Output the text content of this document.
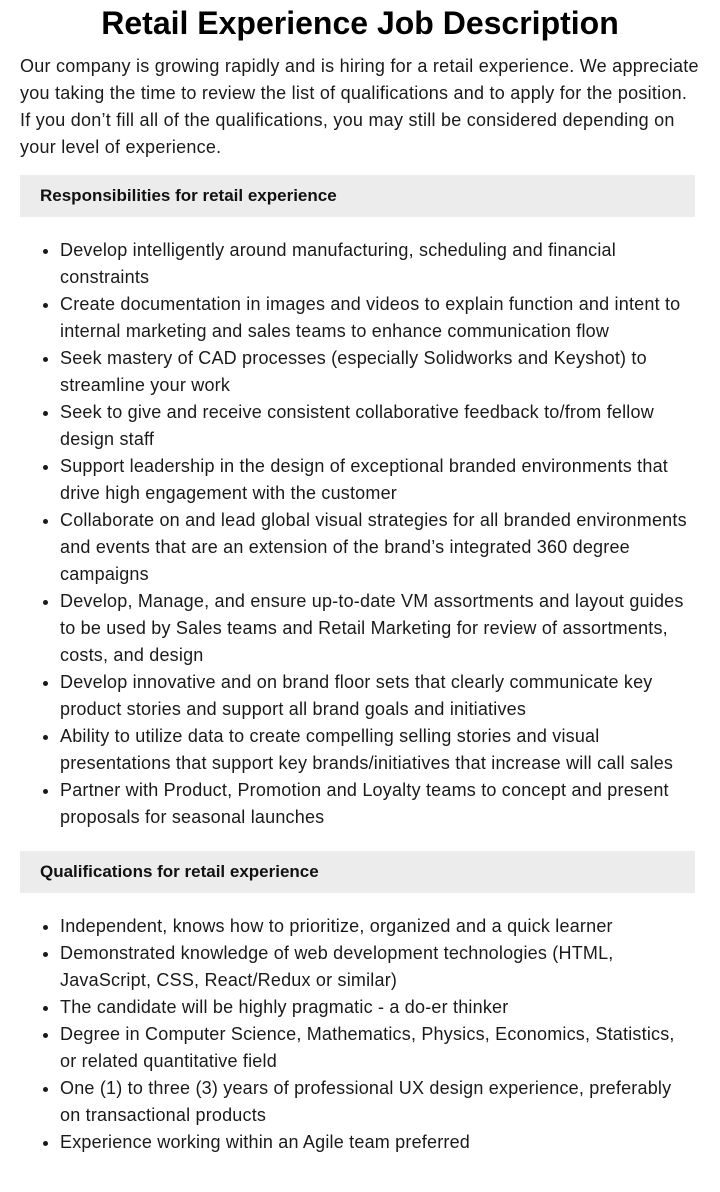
Retail Experience Job Description

Our company is growing rapidly and is hiring for a retail experience. We appreciate you taking the time to review the list of qualifications and to apply for the position. If you don’t fill all of the qualifications, you may still be considered depending on your level of experience.

Responsibilities for retail experience
• Develop intelligently around manufacturing, scheduling and financial constraints
• Create documentation in images and videos to explain function and intent to internal marketing and sales teams to enhance communication flow
• Seek mastery of CAD processes (especially Solidworks and Keyshot) to streamline your work
• Seek to give and receive consistent collaborative feedback to/from fellow design staff
• Support leadership in the design of exceptional branded environments that drive high engagement with the customer
• Collaborate on and lead global visual strategies for all branded environments and events that are an extension of the brand’s integrated 360 degree campaigns
• Develop, Manage, and ensure up-to-date VM assortments and layout guides to be used by Sales teams and Retail Marketing for review of assortments, costs, and design
• Develop innovative and on brand floor sets that clearly communicate key product stories and support all brand goals and initiatives
• Ability to utilize data to create compelling selling stories and visual presentations that support key brands/initiatives that increase will call sales
• Partner with Product, Promotion and Loyalty teams to concept and present proposals for seasonal launches
Qualifications for retail experience
• Independent, knows how to prioritize, organized and a quick learner
• Demonstrated knowledge of web development technologies (HTML, JavaScript, CSS, React/Redux or similar)
• The candidate will be highly pragmatic - a do-er thinker
• Degree in Computer Science, Mathematics, Physics, Economics, Statistics, or related quantitative field
• One (1) to three (3) years of professional UX design experience, preferably on transactional products
• Experience working within an Agile team preferred
